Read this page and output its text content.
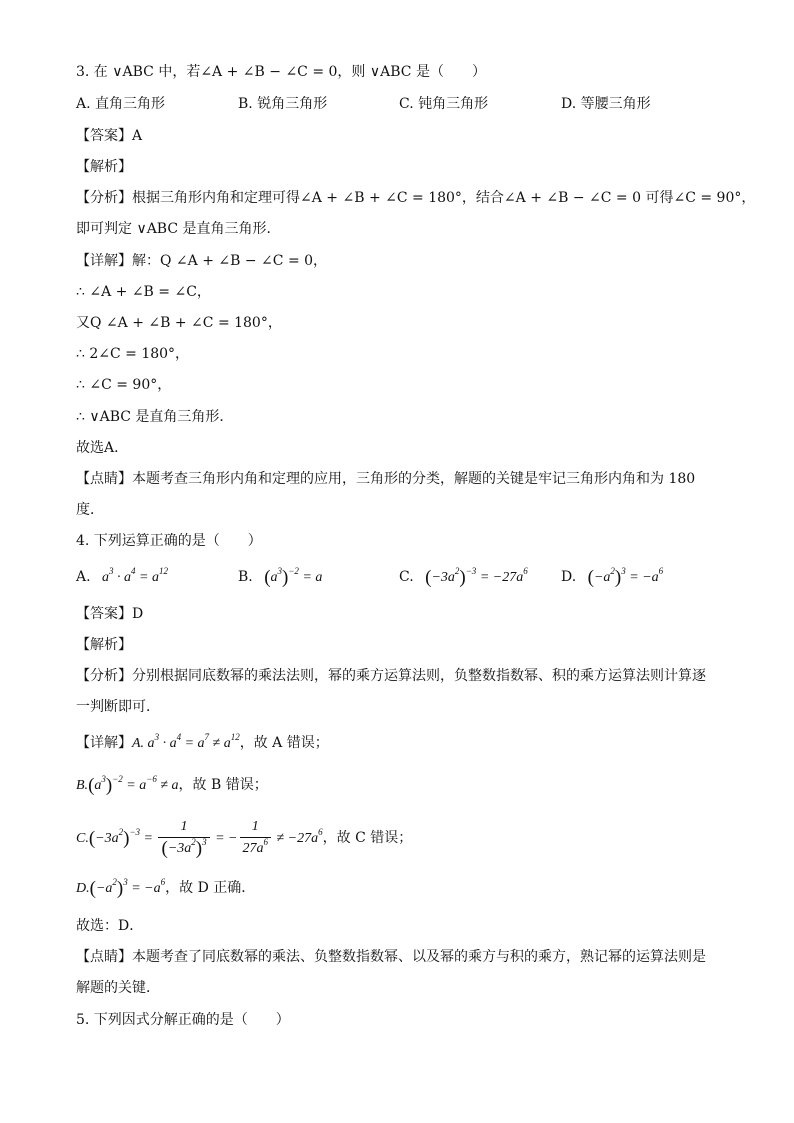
3. 在 ∨ABC 中，若∠A + ∠B − ∠C = 0，则 ∨ABC 是（　　）
A. 直角三角形	B. 锐角三角形	C. 钝角三角形	D. 等腰三角形
【答案】A
【解析】
【分析】根据三角形内角和定理可得∠A + ∠B + ∠C = 180°，结合∠A + ∠B − ∠C = 0 可得∠C = 90°，
即可判定 ∨ABC 是直角三角形．
【详解】解：Q ∠A + ∠B − ∠C = 0，
∴ ∠A + ∠B = ∠C，
又Q ∠A + ∠B + ∠C = 180°，
∴ 2∠C = 180°，
∴ ∠C = 90°，
∴ ∨ABC 是直角三角形．
故选A．
【点睛】本题考查三角形内角和定理的应用，三角形的分类，解题的关键是牢记三角形内角和为 180
度．
4. 下列运算正确的是（　　）
A.   $a^3 \cdot a^4 = a^{12}$	B. $(a^3)^{-2} = a$	C. $(-3a^2)^{-3} = -27a^6$ D. $(-a^2)^3 = -a^6$
【答案】D
【解析】
【分析】分别根据同底数幂的乘法法则，幂的乘方运算法则，负整数指数幂、积的乘方运算法则计算逐
一判断即可．
【详解】A. $a^3 \cdot a^4 = a^7 \ne a^{12}$，故 A 错误；
$B.(a^3)^{-2} = a^{-6} \ne a$，故 B 错误；
$C.(-3a^2)^{-3} = \frac{1}{(-3a^2)^3}$ = − $\frac{1}{27a^6} \ne -27a^6$，故 C 错误；
$D.(-a^2)^3 = -a^6$，故 D 正确．
故选：D．
【点睛】本题考查了同底数幂的乘法、负整数指数幂、以及幂的乘方与积的乘方，熟记幂的运算法则是
解题的关键．
5. 下列因式分解正确的是（　　）
